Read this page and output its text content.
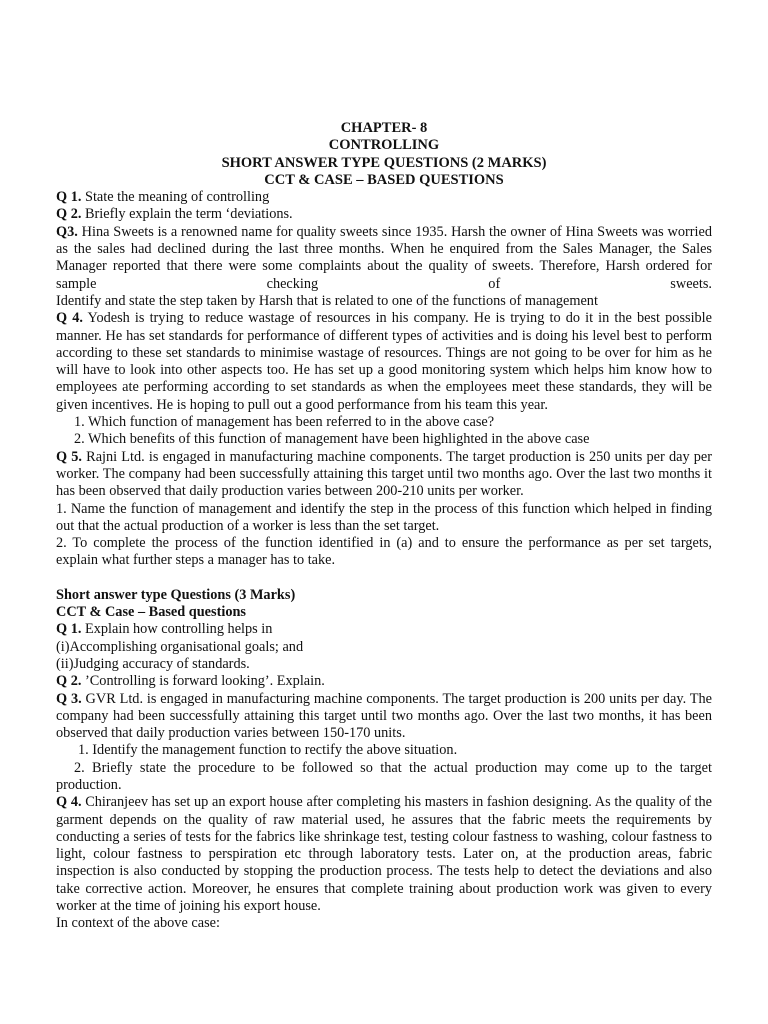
CHAPTER- 8

CONTROLLING

SHORT ANSWER TYPE QUESTIONS (2 MARKS)

CCT & CASE – BASED QUESTIONS

Q 1. State the meaning of controlling

Q 2. Briefly explain the term ‘deviations.

Q3. Hina Sweets is a renowned name for quality sweets since 1935. Harsh the owner of Hina Sweets was worried as the sales had declined during the last three months. When he enquired from the Sales Manager, the Sales Manager reported that there were some complaints about the quality of sweets. Therefore, Harsh ordered for sample checking of sweets.

Identify and state the step taken by Harsh that is related to one of the functions of management

Q 4. Yodesh is trying to reduce wastage of resources in his company. He is trying to do it in the best possible manner. He has set standards for performance of different types of activities and is doing his level best to perform according to these set standards to minimise wastage of resources. Things are not going to be over for him as he will have to look into other aspects too. He has set up a good monitoring system which helps him know how to employees ate performing according to set standards as when the employees meet these standards, they will be given incentives. He is hoping to pull out a good performance from his team this year.

1. Which function of management has been referred to in the above case?

2. Which benefits of this function of management have been highlighted in the above case

Q 5. Rajni Ltd. is engaged in manufacturing machine components. The target production is 250 units per day per worker. The company had been successfully attaining this target until two months ago. Over the last two months it has been observed that daily production varies between 200-210 units per worker.

1. Name the function of management and identify the step in the process of this function which helped in finding out that the actual production of a worker is less than the set target.

2. To complete the process of the function identified in (a) and to ensure the performance as per set targets, explain what further steps a manager has to take.

Short answer type Questions (3 Marks)

CCT & Case – Based questions

Q 1. Explain how controlling helps in

(i)Accomplishing organisational goals; and

(ii)Judging accuracy of standards.

Q 2. ’Controlling is forward looking’. Explain.

Q 3. GVR Ltd. is engaged in manufacturing machine components. The target production is 200 units per day. The company had been successfully attaining this target until two months ago. Over the last two months, it has been observed that daily production varies between 150-170 units.

1. Identify the management function to rectify the above situation.

2. Briefly state the procedure to be followed so that the actual production may come up to the target production.

Q 4. Chiranjeev has set up an export house after completing his masters in fashion designing. As the quality of the garment depends on the quality of raw material used, he assures that the fabric meets the requirements by conducting a series of tests for the fabrics like shrinkage test, testing colour fastness to washing, colour fastness to light, colour fastness to perspiration etc through laboratory tests. Later on, at the production areas, fabric inspection is also conducted by stopping the production process. The tests help to detect the deviations and also take corrective action. Moreover, he ensures that complete training about production work was given to every worker at the time of joining his export house.

In context of the above case:
